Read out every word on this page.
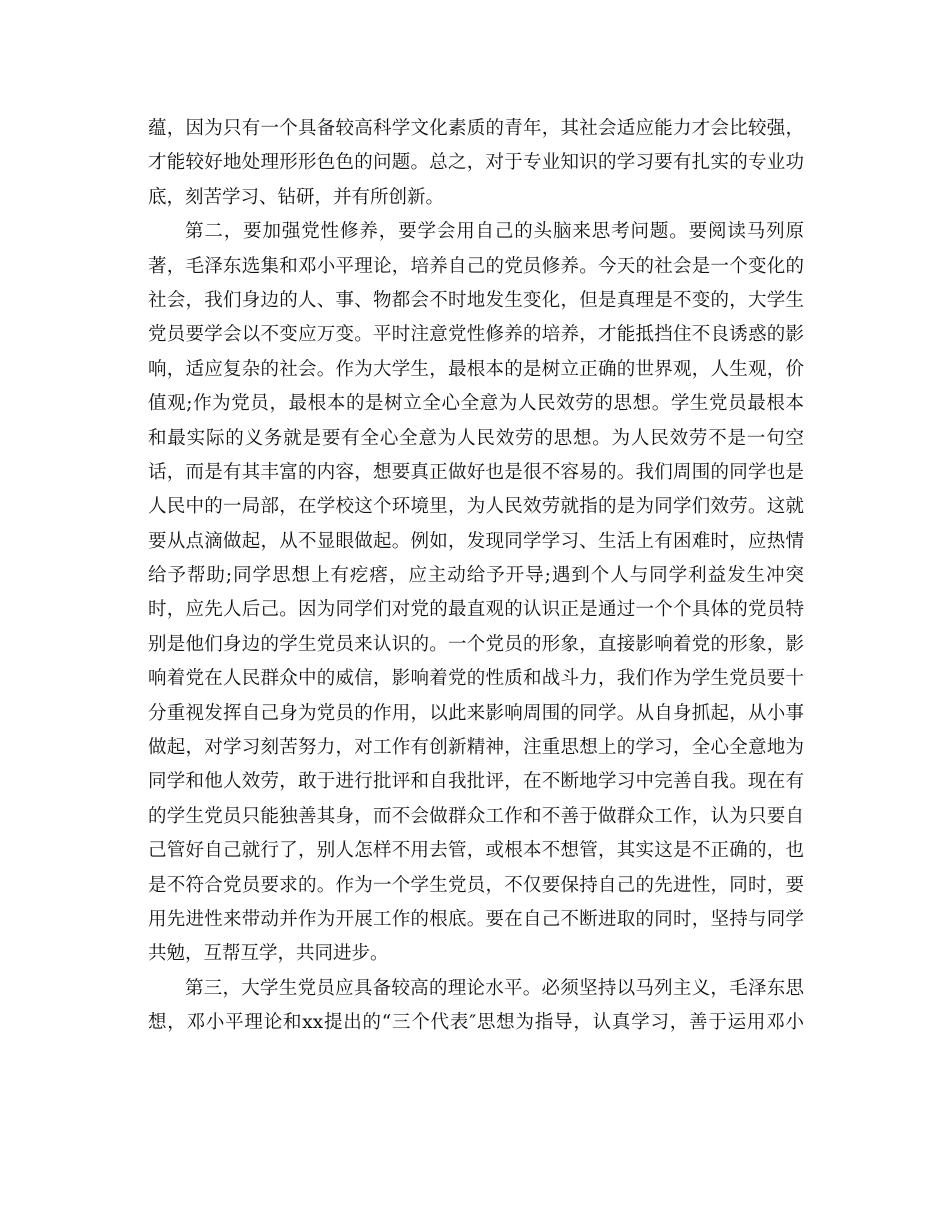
蕴，因为只有一个具备较高科学文化素质的青年，其社会适应能力才会比较强，
才能较好地处理形形色色的问题。总之，对于专业知识的学习要有扎实的专业功
底，刻苦学习、钻研，并有所创新。
第二，要加强党性修养，要学会用自己的头脑来思考问题。要阅读马列原
著，毛泽东选集和邓小平理论，培养自己的党员修养。今天的社会是一个变化的
社会，我们身边的人、事、物都会不时地发生变化，但是真理是不变的，大学生
党员要学会以不变应万变。平时注意党性修养的培养，才能抵挡住不良诱惑的影
响，适应复杂的社会。作为大学生，最根本的是树立正确的世界观，人生观，价
值观;作为党员，最根本的是树立全心全意为人民效劳的思想。学生党员最根本
和最实际的义务就是要有全心全意为人民效劳的思想。为人民效劳不是一句空
话，而是有其丰富的内容，想要真正做好也是很不容易的。我们周围的同学也是
人民中的一局部，在学校这个环境里，为人民效劳就指的是为同学们效劳。这就
要从点滴做起，从不显眼做起。例如，发现同学学习、生活上有困难时，应热情
给予帮助;同学思想上有疙瘩，应主动给予开导;遇到个人与同学利益发生冲突
时，应先人后己。因为同学们对党的最直观的认识正是通过一个个具体的党员特
别是他们身边的学生党员来认识的。一个党员的形象，直接影响着党的形象，影
响着党在人民群众中的威信，影响着党的性质和战斗力，我们作为学生党员要十
分重视发挥自己身为党员的作用，以此来影响周围的同学。从自身抓起，从小事
做起，对学习刻苦努力，对工作有创新精神，注重思想上的学习，全心全意地为
同学和他人效劳，敢于进行批评和自我批评，在不断地学习中完善自我。现在有
的学生党员只能独善其身，而不会做群众工作和不善于做群众工作，认为只要自
己管好自己就行了，别人怎样不用去管，或根本不想管，其实这是不正确的，也
是不符合党员要求的。作为一个学生党员，不仅要保持自己的先进性，同时，要
用先进性来带动并作为开展工作的根底。要在自己不断进取的同时，坚持与同学
共勉，互帮互学，共同进步。
第三，大学生党员应具备较高的理论水平。必须坚持以马列主义，毛泽东思
想，邓小平理论和xx提出的“三个代表″思想为指导，认真学习，善于运用邓小
